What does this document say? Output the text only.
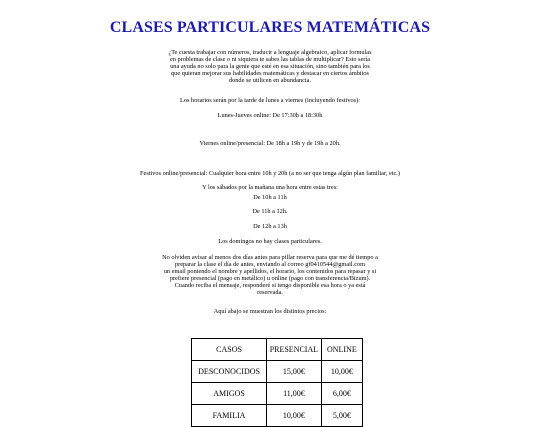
CLASES PARTICULARES MATEMÁTICAS
¿Te cuesta trabajar con números, traducir a lenguaje algebraico, aplicar formulas
en problemas de clase o ni siquiera te sabes las tablas de multiplicar? Esto sería
una ayuda no solo para la gente que esté en esa situación, sino también para los
que quieran mejorar sus habilidades matemáticas y destacar en ciertos ámbitos
donde se utilicen en abundancia.
Los horarios serán por la tarde de lunes a viernes (incluyendo festivos):
Lunes-Jueves online: De 17:30h a 18:30h
Viernes online/presencial: De 18h a 19h y de 19h a 20h.
Festivos online/presencial: Cualquier hora entre 10h y 20h (a no ser que tenga algún plan familiar, etc.)
Y los sábados por la mañana una hora entre estas tres:
De 10h a 11h
De 11h a 12h.
De 12h a 13h
Los domingos no hay clases particulares.
No olviden avisar al menos dos días antes para pillar reserva para que me dé tiempo a
preparar la clase el día de antes, enviando al correo gf0410544@gmail.com
un email poniendo el nombre y apellidos, el horario, los contenidos para repasar y si
prefiere presencial (pago en metálico) u online (pago con transferencia/Bizum).
Cuando reciba el mensaje, responderé si tengo disponible esa hora o ya está
reservada.
Aquí abajo se muestran los distintos precios:
CASOS	PRESENCIAL	ONLINE
DESCONOCIDOS	15,00€	10,00€
AMIGOS	11,00€	6,00€
FAMILIA	10,00€	5,00€
